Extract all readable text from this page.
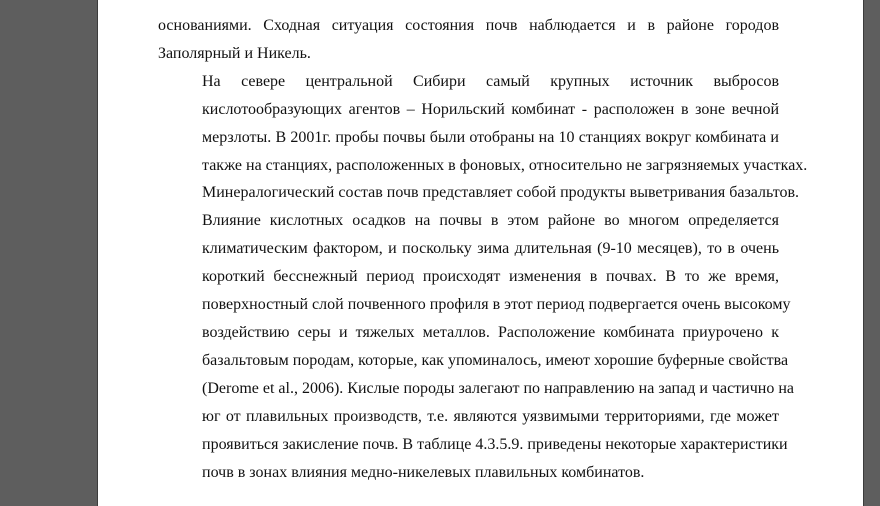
основаниями. Сходная ситуация состояния почв наблюдается и в районе городов
Заполярный и Никель.

На севере центральной Сибири самый крупных источник выбросов
кислотообразующих агентов – Норильский комбинат - расположен в зоне вечной
мерзлоты. В 2001г. пробы почвы были отобраны на 10 станциях вокруг комбината и
также на станциях, расположенных в фоновых, относительно не загрязняемых участках.
Минералогический состав почв представляет собой продукты выветривания базальтов.

Влияние кислотных осадков на почвы в этом районе во многом определяется
климатическим фактором, и поскольку зима длительная (9-10 месяцев), то в очень
короткий бесснежный период происходят изменения в почвах. В то же время,
поверхностный слой почвенного профиля в этот период подвергается очень высокому
воздействию серы и тяжелых металлов. Расположение комбината приурочено к
базальтовым породам, которые, как упоминалось, имеют хорошие буферные свойства
(Derome et al., 2006). Кислые породы залегают по направлению на запад и частично на
юг от плавильных производств, т.е. являются уязвимыми территориями, где может
проявиться закисление почв. В таблице 4.3.5.9. приведены некоторые характеристики
почв в зонах влияния медно-никелевых плавильных комбинатов.
